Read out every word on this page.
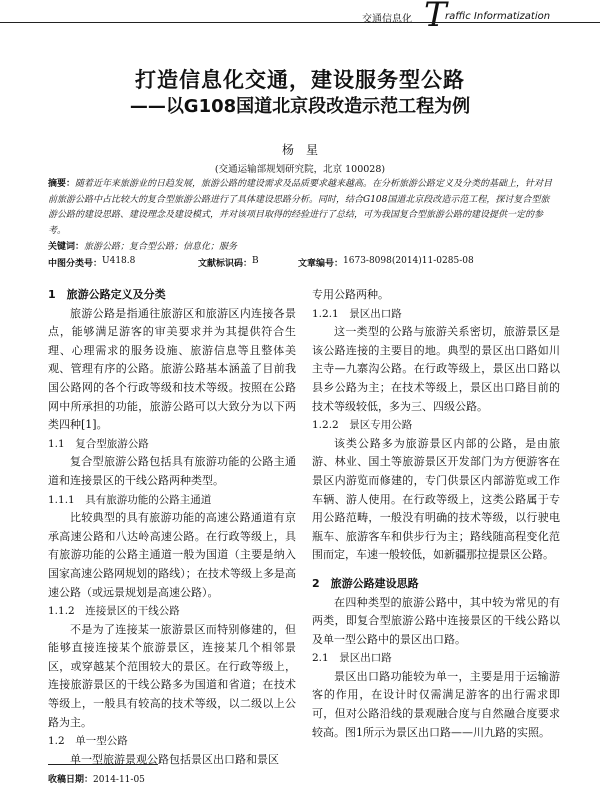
交通信息化 T
raffic Informatization
打造信息化交通，建设服务型公路
——以G108国道北京段改造示范工程为例
杨　星
(交通运输部规划研究院，北京 100028)
摘要：随着近年来旅游业的日趋发展，旅游公路的建设需求及品质要求越来越高。在分析旅游公路定义及分类的基础上，针对目前旅游公路中占比较大的复合型旅游公路进行了具体建设思路分析。同时，结合G108国道北京段改造示范工程，探讨复合型旅游公路的建设思路、建设理念及建设模式，并对该项目取得的经验进行了总结，可为我国复合型旅游公路的建设提供一定的参考。
关键词：旅游公路；复合型公路；信息化；服务
中图分类号： U418.8	文献标识码： B	文章编号： 1673-8098(2014)11-0285-08
1　旅游公路定义及分类

旅游公路是指通往旅游区和旅游区内连接各景点，能够满足游客的审美要求并为其提供符合生理、心理需求的服务设施、旅游信息等且整体美观、管理有序的公路。旅游公路基本涵盖了目前我国公路网的各个行政等级和技术等级。按照在公路网中所承担的功能，旅游公路可以大致分为以下两类四种[1]。

1.1　复合型旅游公路

复合型旅游公路包括具有旅游功能的公路主通道和连接景区的干线公路两种类型。

1.1.1　具有旅游功能的公路主通道

比较典型的具有旅游功能的高速公路通道有京承高速公路和八达岭高速公路。在行政等级上，具有旅游功能的公路主通道一般为国道（主要是纳入国家高速公路网规划的路线）；在技术等级上多是高速公路（或远景规划是高速公路）。

1.1.2　连接景区的干线公路

不是为了连接某一旅游景区而特别修建的，但能够直接连接某个旅游景区，连接某几个相邻景区，或穿越某个范围较大的景区。在行政等级上，连接旅游景区的干线公路多为国道和省道；在技术等级上，一般具有较高的技术等级，以二级以上公路为主。

1.2　单一型公路

单一型旅游景观公路包括景区出口路和景区

专用公路两种。

1.2.1　景区出口路

这一类型的公路与旅游关系密切，旅游景区是该公路连接的主要目的地。典型的景区出口路如川主寺—九寨沟公路。在行政等级上，景区出口路以县乡公路为主；在技术等级上，景区出口路目前的技术等级较低，多为三、四级公路。

1.2.2　景区专用公路

该类公路多为旅游景区内部的公路，是由旅游、林业、国土等旅游景区开发部门为方便游客在景区内游览而修建的，专门供景区内部游览或工作车辆、游人使用。在行政等级上，这类公路属于专用公路范畴，一般没有明确的技术等级，以行驶电瓶车、旅游客车和供步行为主；路线随高程变化范围而定，车速一般较低，如新疆那拉提景区公路。

2　旅游公路建设思路

在四种类型的旅游公路中，其中较为常见的有两类，即复合型旅游公路中连接景区的干线公路以及单一型公路中的景区出口路。

2.1　景区出口路

景区出口路功能较为单一，主要是用于运输游客的作用，在设计时仅需满足游客的出行需求即可，但对公路沿线的景观融合度与自然融合度要求较高。图1所示为景区出口路——川九路的实照。

收稿日期：2014-11-05
